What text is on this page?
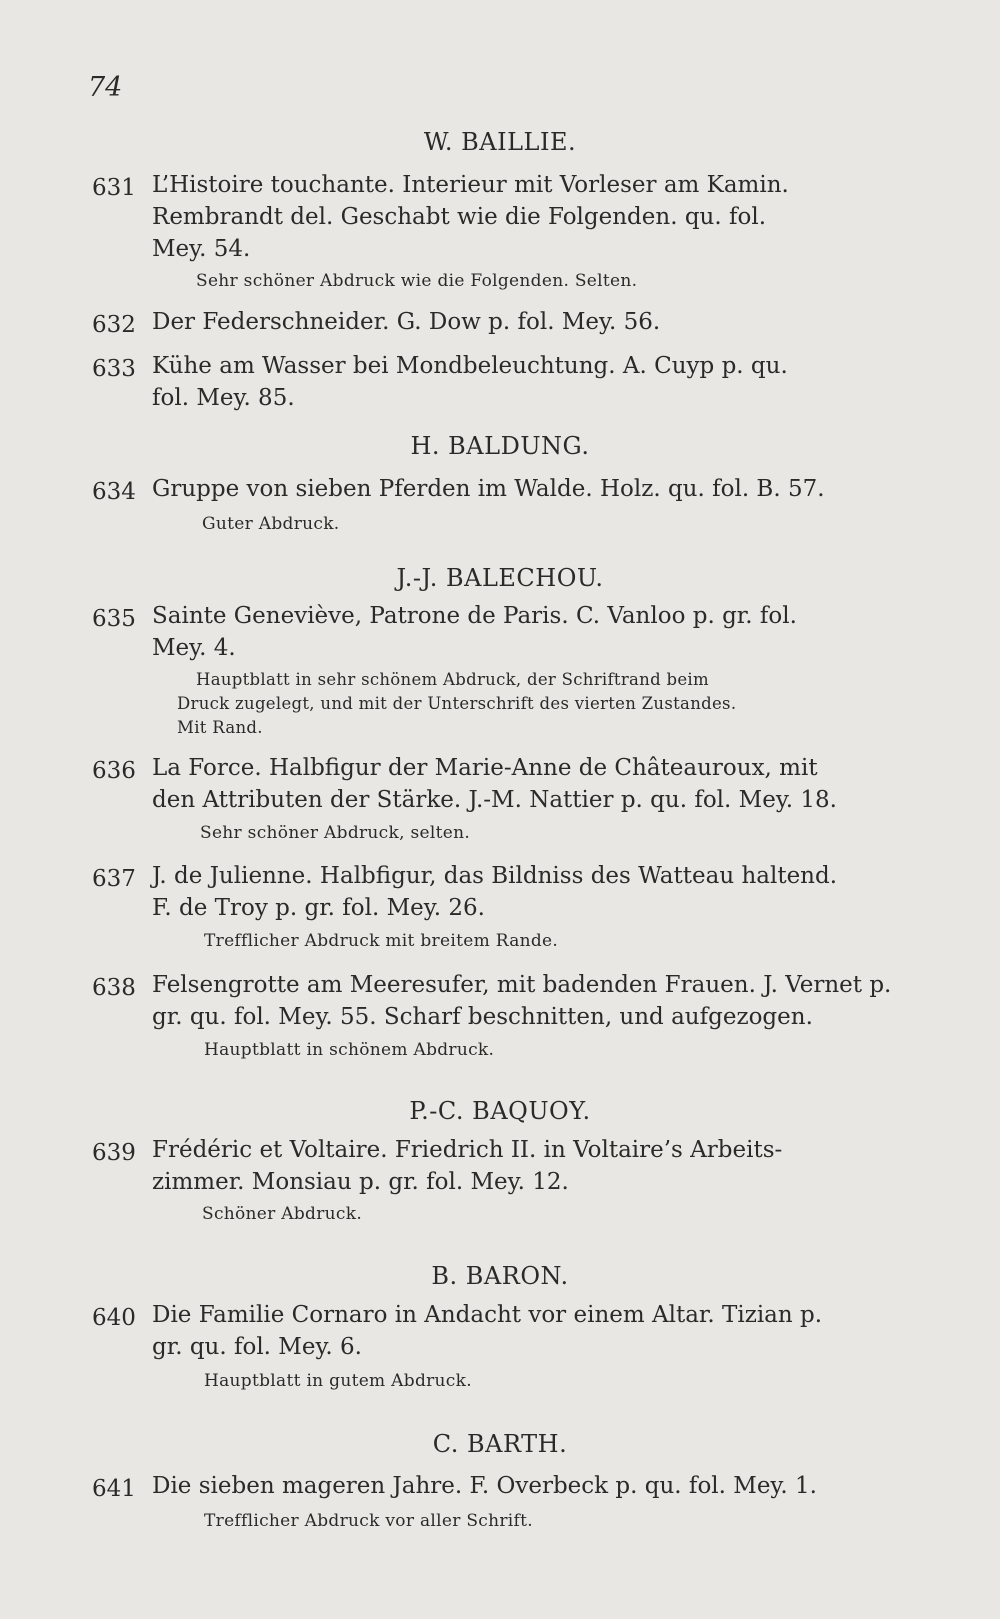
74
W. BAILLIE.
631 L’Histoire touchante. Interieur mit Vorleser am Kamin.
Rembrandt del. Geschabt wie die Folgenden. qu. fol.
Mey. 54.
Sehr schöner Abdruck wie die Folgenden. Selten.
632 Der Federschneider. G. Dow p. fol. Mey. 56.
633 Kühe am Wasser bei Mondbeleuchtung. A. Cuyp p. qu.
fol. Mey. 85.
H. BALDUNG.
634 Gruppe von sieben Pferden im Walde. Holz. qu. fol. B. 57.
Guter Abdruck.
J.-J. BALECHOU.
635 Sainte Geneviève, Patrone de Paris. C. Vanloo p. gr. fol.
Mey. 4.
Hauptblatt in sehr schönem Abdruck, der Schriftrand beim
Druck zugelegt, und mit der Unterschrift des vierten Zustandes.
Mit Rand.
636 La Force. Halbfigur der Marie-Anne de Châteauroux, mit
den Attributen der Stärke. J.-M. Nattier p. qu. fol. Mey. 18.
Sehr schöner Abdruck, selten.
637 J. de Julienne. Halbfigur, das Bildniss des Watteau haltend.
F. de Troy p. gr. fol. Mey. 26.
Trefflicher Abdruck mit breitem Rande.
638 Felsengrotte am Meeresufer, mit badenden Frauen. J. Vernet p.
gr. qu. fol. Mey. 55. Scharf beschnitten, und aufgezogen.
Hauptblatt in schönem Abdruck.
P.-C. BAQUOY.
639 Frédéric et Voltaire. Friedrich II. in Voltaire’s Arbeits-
zimmer. Monsiau p. gr. fol. Mey. 12.
Schöner Abdruck.
B. BARON.
640 Die Familie Cornaro in Andacht vor einem Altar. Tizian p.
gr. qu. fol. Mey. 6.
Hauptblatt in gutem Abdruck.
C. BARTH.
641 Die sieben mageren Jahre. F. Overbeck p. qu. fol. Mey. 1.
Trefflicher Abdruck vor aller Schrift.
